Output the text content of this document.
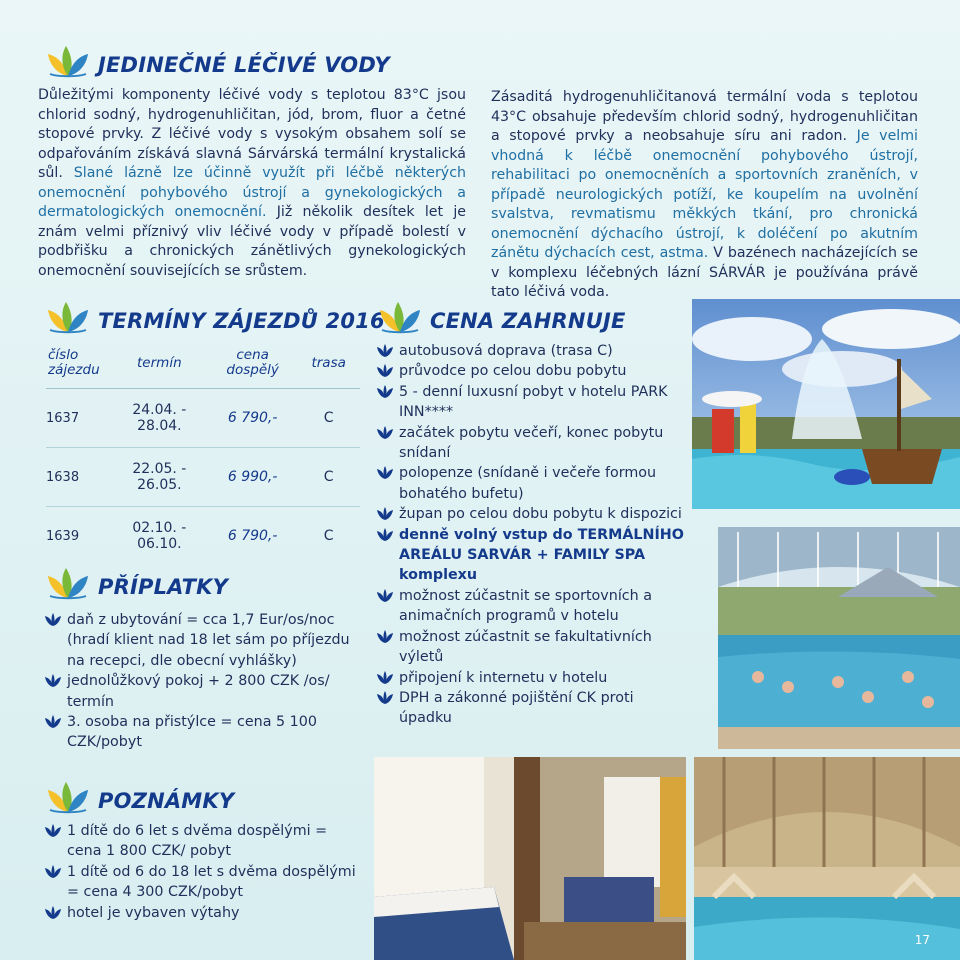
JEDINEČNÉ LÉČIVÉ VODY
Důležitými komponenty léčivé vody s teplotou 83°C jsou chlorid sodný, hydrogenuhličitan, jód, brom, fluor a četné stopové prvky. Z léčivé vody s vysokým obsahem solí se odpařováním získává slavná Sárvárská termální krystalická sůl. Slané lázně lze účinně využít při léčbě některých onemocnění pohybového ústrojí a gynekologických a dermatologických onemocnění. Již několik desítek let je znám velmi příznivý vliv léčivé vody v případě bolestí v podbřišku a chronických zánětlivých gynekologických onemocnění souvisejících se srůstem.
Zásaditá hydrogenuhličitanová termální voda s teplotou 43°C obsahuje především chlorid sodný, hydrogenuhličitan a stopové prvky a neobsahuje síru ani radon. Je velmi vhodná k léčbě onemocnění pohybového ústrojí, rehabilitaci po onemocněních a sportovních zraněních, v případě neurologických potíží, ke koupelím na uvolnění svalstva, revmatismu měkkých tkání, pro chronická onemocnění dýchacího ústrojí, k doléčení po akutním zánětu dýchacích cest, astma. V bazénech nacházejících se v komplexu léčebných lázní SÁRVÁR je používána právě tato léčivá voda.
TERMÍNY ZÁJEZDŮ 2016
číslo zájezdu	termín	cena dospělý	trasa
1637	24.04. - 28.04.	6 790,-	C
1638	22.05. - 26.05.	6 990,-	C
1639	02.10. - 06.10.	6 790,-	C
PŘÍPLATKY
daň z ubytování = cca 1,7 Eur/os/noc (hradí klient nad 18 let sám po příjezdu na recepci, dle obecní vyhlášky)
jednolůžkový pokoj + 2 800 CZK /os/ termín
3. osoba na přistýlce = cena 5 100 CZK/pobyt
POZNÁMKY
1 dítě do 6 let s dvěma dospělými = cena 1 800 CZK/ pobyt
1 dítě od 6 do 18 let s dvěma dospělými = cena 4 300 CZK/pobyt
hotel je vybaven výtahy
CENA ZAHRNUJE
autobusová doprava (trasa C)
průvodce po celou dobu pobytu
5 - denní luxusní pobyt v hotelu PARK INN****
začátek pobytu večeří, konec pobytu snídaní
polopenze (snídaně i večeře formou bohatého bufetu)
župan po celou dobu pobytu k dispozici
denně volný vstup do TERMÁLNÍHO AREÁLU SARVÁR + FAMILY SPA komplexu
možnost zúčastnit se sportovních a animačních programů v hotelu
možnost zúčastnit se fakultativních výletů
připojení k internetu v hotelu
DPH a zákonné pojištění CK proti úpadku
17
